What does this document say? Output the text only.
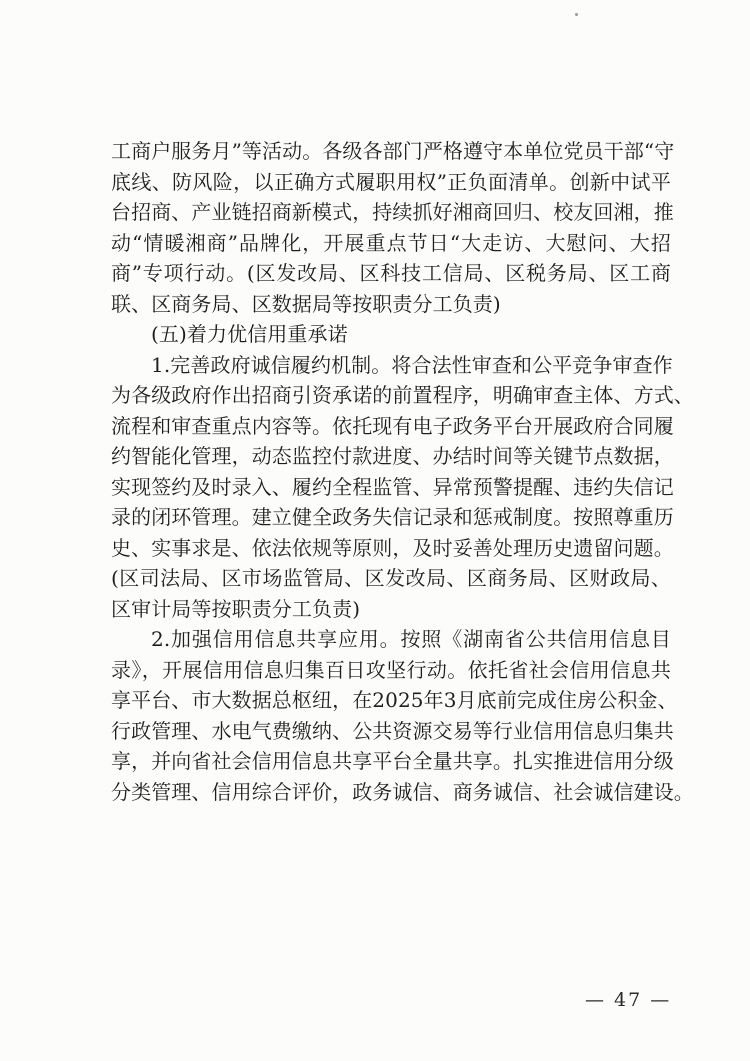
工商户服务月”等活动。各级各部门严格遵守本单位党员干部“守
底线、防风险，以正确方式履职用权”正负面清单。创新中试平
台招商、产业链招商新模式，持续抓好湘商回归、校友回湘，推
动“情暖湘商”品牌化，开展重点节日“大走访、大慰问、大招
商”专项行动。(区发改局、区科技工信局、区税务局、区工商
联、区商务局、区数据局等按职责分工负责)
(五)着力优信用重承诺
1.完善政府诚信履约机制。将合法性审查和公平竞争审查作
为各级政府作出招商引资承诺的前置程序，明确审查主体、方式、
流程和审查重点内容等。依托现有电子政务平台开展政府合同履
约智能化管理，动态监控付款进度、办结时间等关键节点数据，
实现签约及时录入、履约全程监管、异常预警提醒、违约失信记
录的闭环管理。建立健全政务失信记录和惩戒制度。按照尊重历
史、实事求是、依法依规等原则，及时妥善处理历史遗留问题。
(区司法局、区市场监管局、区发改局、区商务局、区财政局、
区审计局等按职责分工负责)
2.加强信用信息共享应用。按照《湖南省公共信用信息目
录》，开展信用信息归集百日攻坚行动。依托省社会信用信息共
享平台、市大数据总枢纽，在2025年3月底前完成住房公积金、
行政管理、水电气费缴纳、公共资源交易等行业信用信息归集共
享，并向省社会信用信息共享平台全量共享。扎实推进信用分级
分类管理、信用综合评价，政务诚信、商务诚信、社会诚信建设。
— 47 —
